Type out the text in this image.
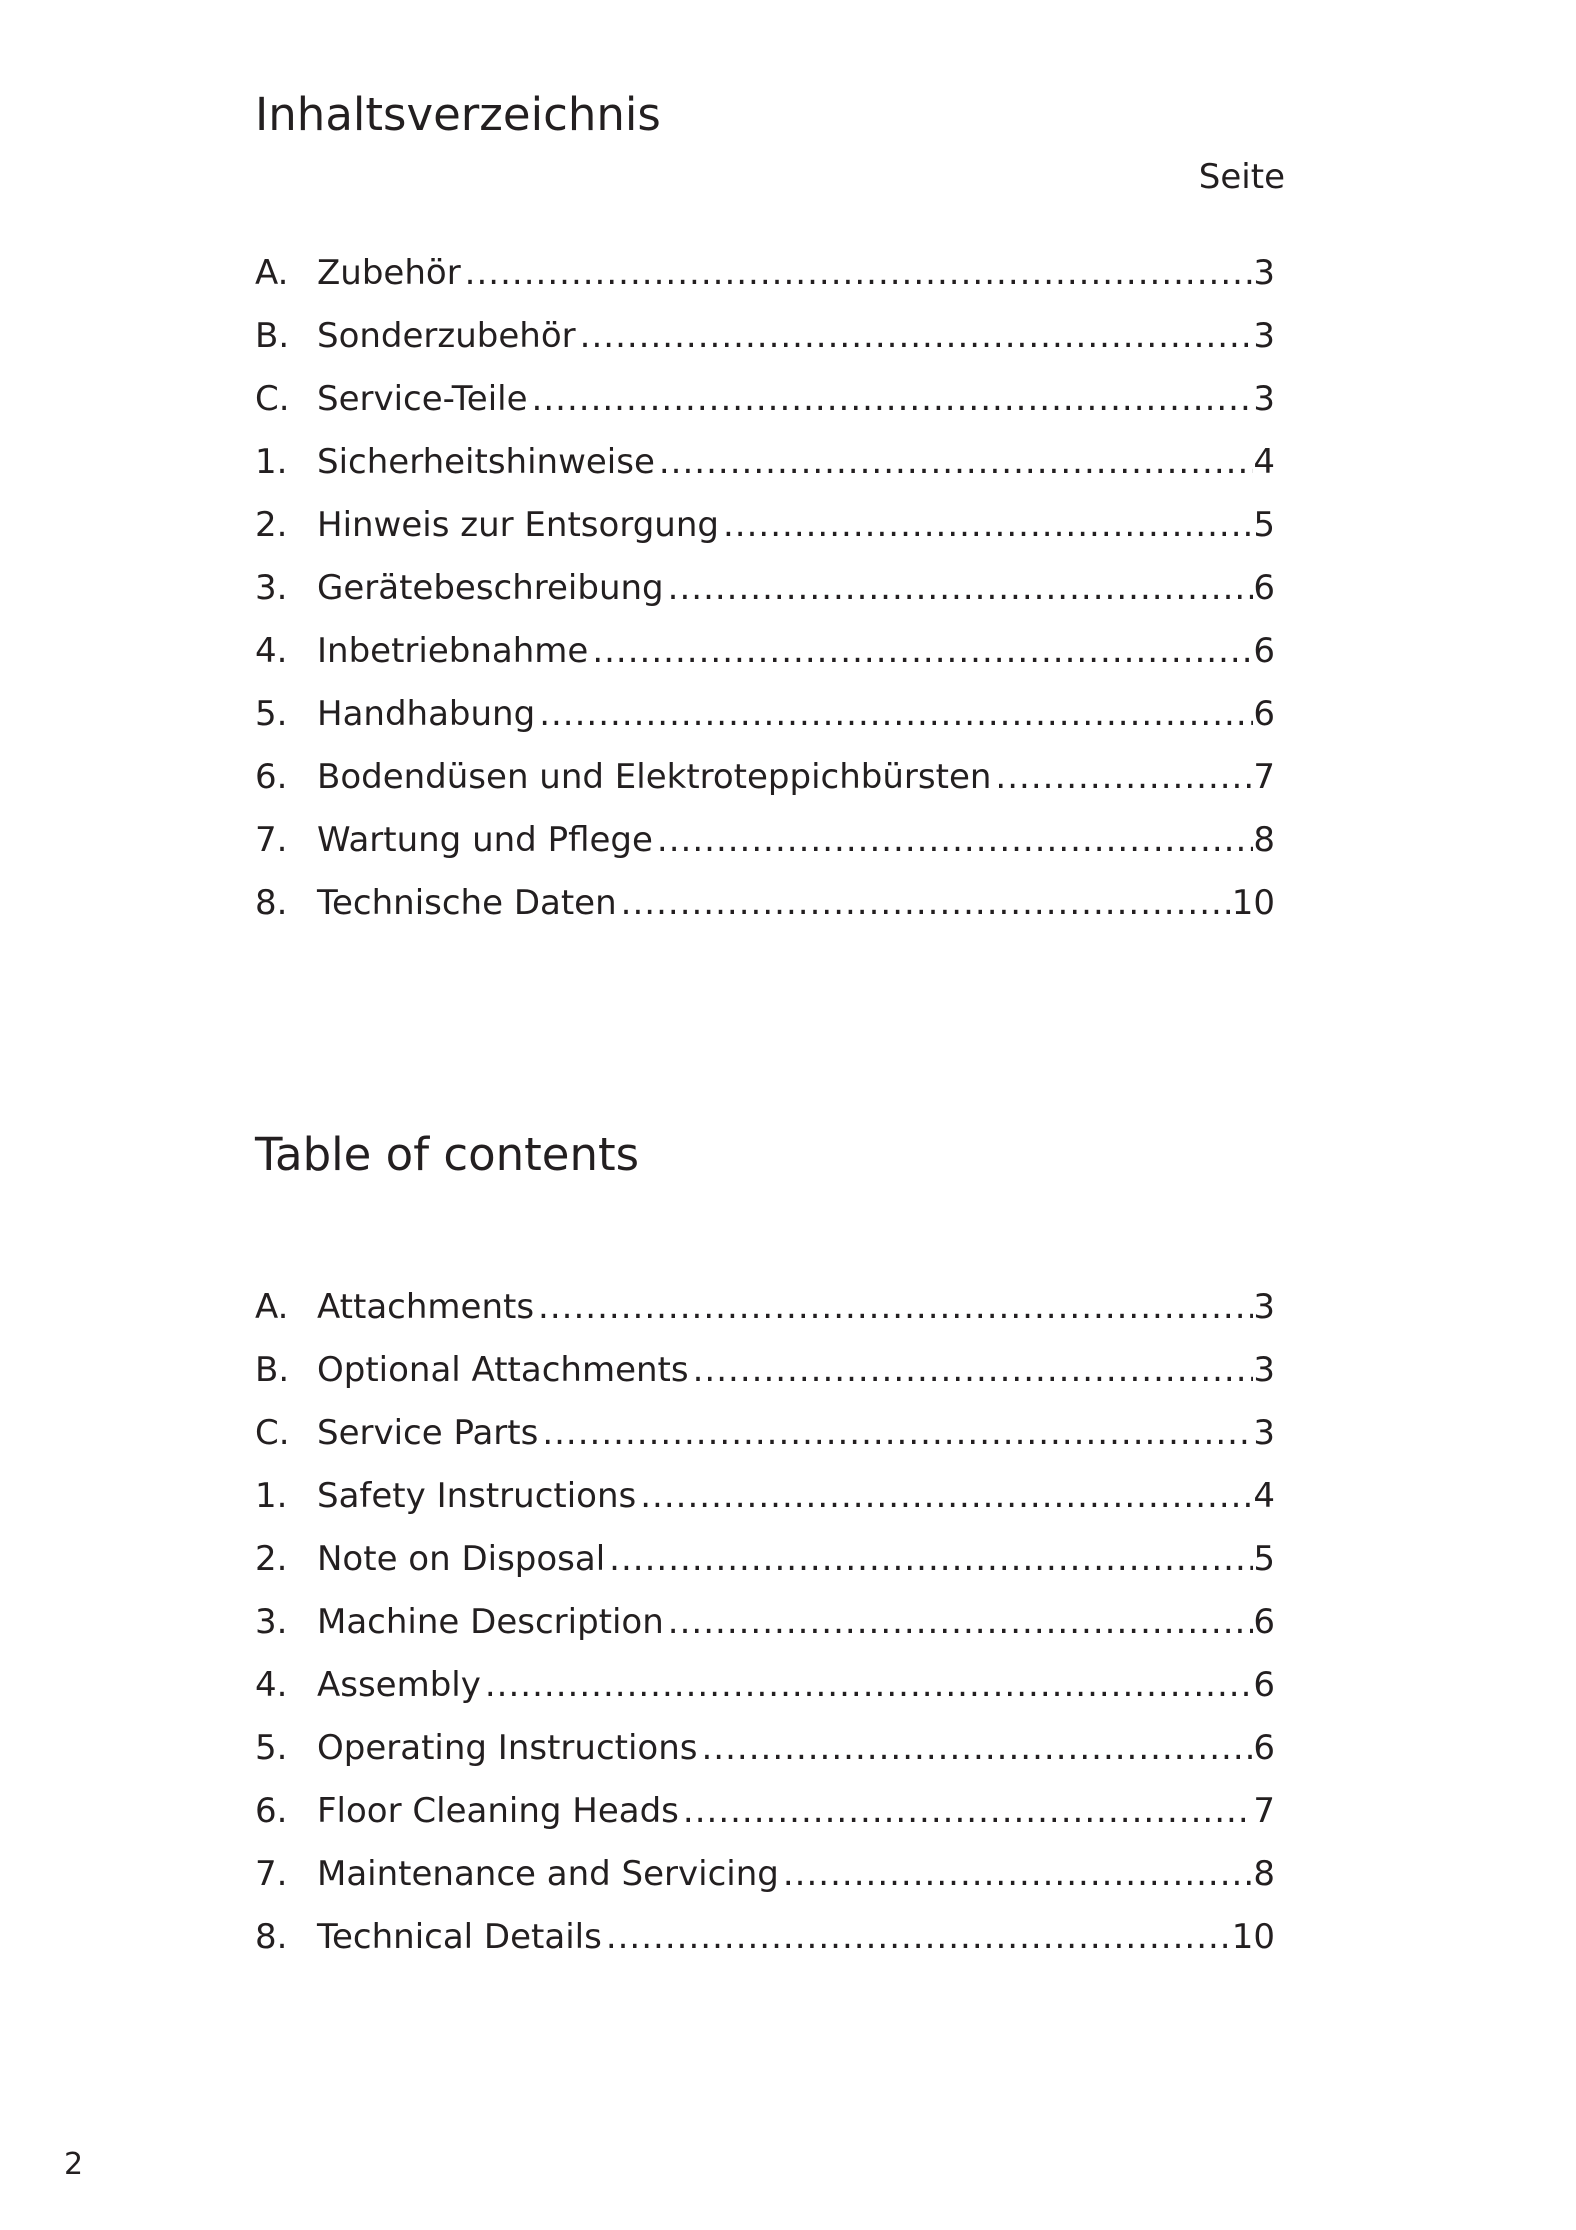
Inhaltsverzeichnis
Seite
A. Zubehör .....	3
B. Sonderzubehör .....	3
C. Service-Teile .....	3
1. Sicherheitshinweise .....	4
2. Hinweis zur Entsorgung .....	5
3. Gerätebeschreibung .....	6
4. Inbetriebnahme .....	6
5. Handhabung .....	6
6. Bodendüsen und Elektroteppichbürsten .....	7
7. Wartung und Pflege .....	8
8. Technische Daten .....	10
Table of contents
A. Attachments .....	3
B. Optional Attachments .....	3
C. Service Parts .....	3
1. Safety Instructions .....	4
2. Note on Disposal .....	5
3. Machine Description .....	6
4. Assembly .....	6
5. Operating Instructions .....	6
6. Floor Cleaning Heads .....	7
7. Maintenance and Servicing .....	8
8. Technical Details .....	10
2
